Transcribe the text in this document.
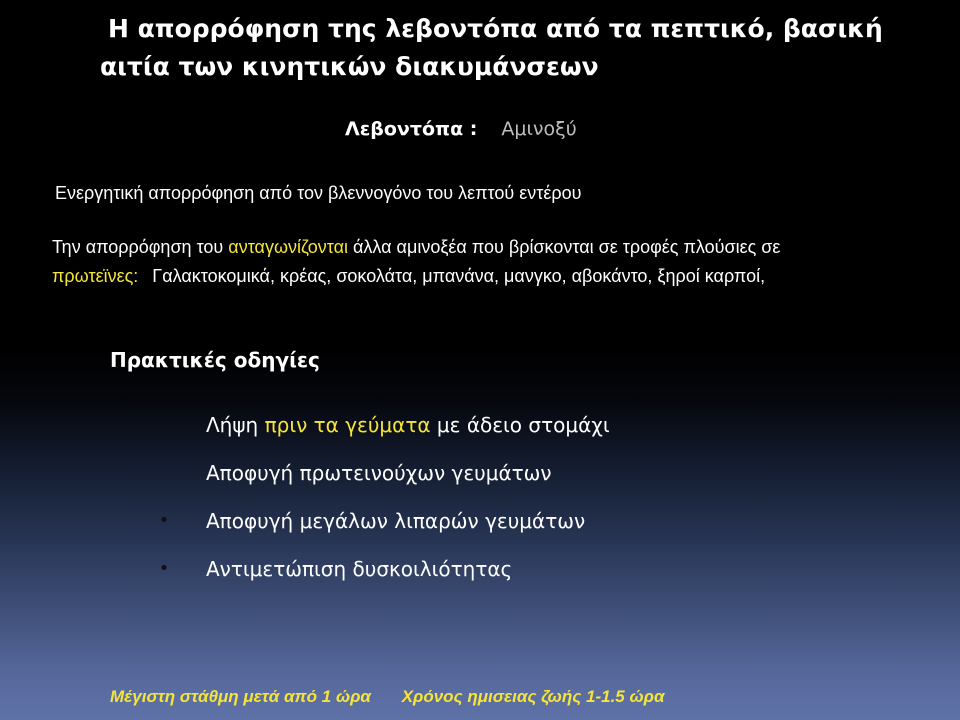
Η απορρόφηση της λεβοντόπα από τα πεπτικό, βασική
αιτία των κινητικών διακυμάνσεων
Λεβοντόπα : Αμινοξύ
Ενεργητική απορρόφηση από τον βλεννογόνο του λεπτού εντέρου
Την απορρόφηση του ανταγωνίζονται άλλα αμινοξέα που βρίσκονται σε τροφές πλούσιες σε
πρωτεϊνες: Γαλακτοκομικά, κρέας, σοκολάτα, μπανάνα, μανγκο, αβοκάντο, ξηροί καρποί,
Πρακτικές οδηγίες
Λήψη πριν τα γεύματα με άδειο στομάχι
Αποφυγή πρωτεινούχων γευμάτων
• Αποφυγή μεγάλων λιπαρών γευμάτων
• Αντιμετώπιση δυσκοιλιότητας
Μέγιστη στάθμη μετά από 1 ώρα Χρόνος ημισειας ζωής 1-1.5 ώρα
